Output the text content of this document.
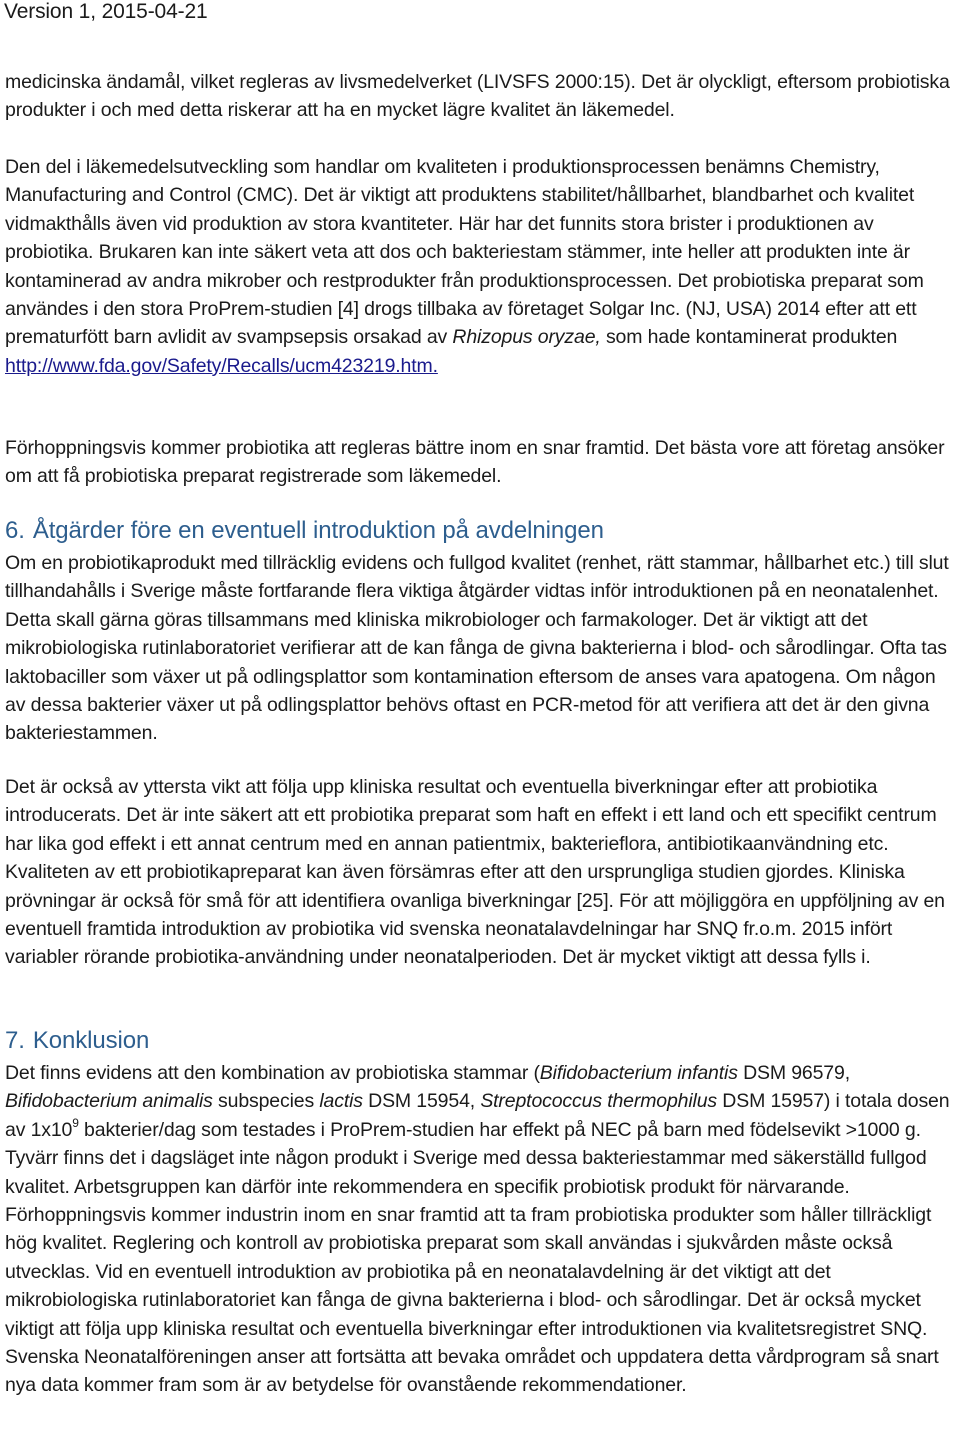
Version 1, 2015-04-21

medicinska ändamål, vilket regleras av livsmedelverket (LIVSFS 2000:15). Det är olyckligt, eftersom probiotiska produkter i och med detta riskerar att ha en mycket lägre kvalitet än läkemedel.

Den del i läkemedelsutveckling som handlar om kvaliteten i produktionsprocessen benämns Chemistry, Manufacturing and Control (CMC). Det är viktigt att produktens stabilitet/hållbarhet, blandbarhet och kvalitet vidmakthålls även vid produktion av stora kvantiteter. Här har det funnits stora brister i produktionen av probiotika. Brukaren kan inte säkert veta att dos och bakteriestam stämmer, inte heller att produkten inte är kontaminerad av andra mikrober och restprodukter från produktionsprocessen. Det probiotiska preparat som användes i den stora ProPrem-studien [4] drogs tillbaka av företaget Solgar Inc. (NJ, USA) 2014 efter att ett prematurfött barn avlidit av svampsepsis orsakad av Rhizopus oryzae, som hade kontaminerat produkten
http://www.fda.gov/Safety/Recalls/ucm423219.htm.

Förhoppningsvis kommer probiotika att regleras bättre inom en snar framtid. Det bästa vore att företag ansöker om att få probiotiska preparat registrerade som läkemedel.

6. Åtgärder före en eventuell introduktion på avdelningen

Om en probiotikaprodukt med tillräcklig evidens och fullgod kvalitet (renhet, rätt stammar, hållbarhet etc.) till slut tillhandahålls i Sverige måste fortfarande flera viktiga åtgärder vidtas inför introduktionen på en neonatalenhet. Detta skall gärna göras tillsammans med kliniska mikrobiologer och farmakologer. Det är viktigt att det mikrobiologiska rutinlaboratoriet verifierar att de kan fånga de givna bakterierna i blod- och sårodlingar. Ofta tas laktobaciller som växer ut på odlingsplattor som kontamination eftersom de anses vara apatogena. Om någon av dessa bakterier växer ut på odlingsplattor behövs oftast en PCR-metod för att verifiera att det är den givna bakteriestammen.

Det är också av yttersta vikt att följa upp kliniska resultat och eventuella biverkningar efter att probiotika introducerats. Det är inte säkert att ett probiotika preparat som haft en effekt i ett land och ett specifikt centrum har lika god effekt i ett annat centrum med en annan patientmix, bakterieflora, antibiotikaanvändning etc. Kvaliteten av ett probiotikapreparat kan även försämras efter att den ursprungliga studien gjordes. Kliniska prövningar är också för små för att identifiera ovanliga biverkningar [25]. För att möjliggöra en uppföljning av en eventuell framtida introduktion av probiotika vid svenska neonatalavdelningar har SNQ fr.o.m. 2015 infört variabler rörande probiotika-användning under neonatalperioden. Det är mycket viktigt att dessa fylls i.

7. Konklusion

Det finns evidens att den kombination av probiotiska stammar (Bifidobacterium infantis DSM 96579, Bifidobacterium animalis subspecies lactis DSM 15954, Streptococcus thermophilus DSM 15957) i totala dosen av $1x10^9$ bakterier/dag som testades i ProPrem-studien har effekt på NEC på barn med födelsevikt >1000 g. Tyvärr finns det i dagsläget inte någon produkt i Sverige med dessa bakteriestammar med säkerställd fullgod kvalitet. Arbetsgruppen kan därför inte rekommendera en specifik probiotisk produkt för närvarande. Förhoppningsvis kommer industrin inom en snar framtid att ta fram probiotiska produkter som håller tillräckligt hög kvalitet. Reglering och kontroll av probiotiska preparat som skall användas i sjukvården måste också utvecklas. Vid en eventuell introduktion av probiotika på en neonatalavdelning är det viktigt att det mikrobiologiska rutinlaboratoriet kan fånga de givna bakterierna i blod- och sårodlingar. Det är också mycket viktigt att följa upp kliniska resultat och eventuella biverkningar efter introduktionen via kvalitetsregistret SNQ. Svenska Neonatalföreningen anser att fortsätta att bevaka området och uppdatera detta vårdprogram så snart nya data kommer fram som är av betydelse för ovanstående rekommendationer.
